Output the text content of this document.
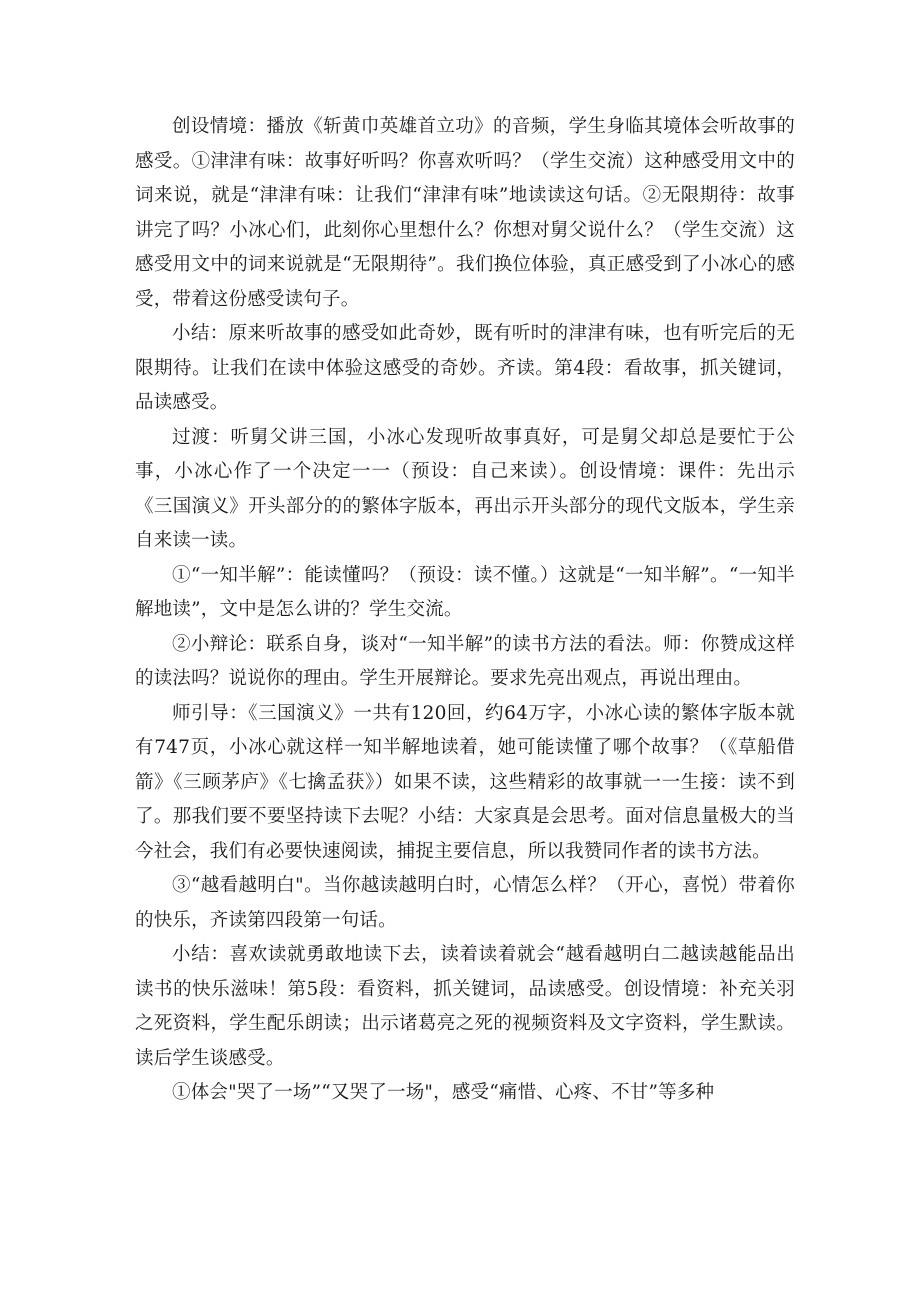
创设情境：播放《斩黄巾英雄首立功》的音频，学生身临其境体会听故事的感受。①津津有味：故事好听吗？你喜欢听吗？（学生交流）这种感受用文中的词来说，就是“津津有味：让我们“津津有味”地读读这句话。②无限期待：故事讲完了吗？小冰心们，此刻你心里想什么？你想对舅父说什么？（学生交流）这感受用文中的词来说就是“无限期待”。我们换位体验，真正感受到了小冰心的感受，带着这份感受读句子。

小结：原来听故事的感受如此奇妙，既有听时的津津有味，也有听完后的无限期待。让我们在读中体验这感受的奇妙。齐读。第4段：看故事，抓关键词，品读感受。

过渡：听舅父讲三国，小冰心发现听故事真好，可是舅父却总是要忙于公事，小冰心作了一个决定一一（预设：自己来读）。创设情境：课件：先出示《三国演义》开头部分的的繁体字版本，再出示开头部分的现代文版本，学生亲自来读一读。

①“一知半解”：能读懂吗？（预设：读不懂。）这就是“一知半解”。“一知半解地读”，文中是怎么讲的？学生交流。

②小辩论：联系自身，谈对“一知半解”的读书方法的看法。师：你赞成这样的读法吗？说说你的理由。学生开展辩论。要求先亮出观点，再说出理由。

师引导：《三国演义》一共有120回，约64万字，小冰心读的繁体字版本就有747页，小冰心就这样一知半解地读着，她可能读懂了哪个故事？（《草船借箭》《三顾茅庐》《七擒孟获》）如果不读，这些精彩的故事就一一生接：读不到了。那我们要不要坚持读下去呢？小结：大家真是会思考。面对信息量极大的当今社会，我们有必要快速阅读，捕捉主要信息，所以我赞同作者的读书方法。

③“越看越明白"。当你越读越明白时，心情怎么样？（开心，喜悦）带着你的快乐，齐读第四段第一句话。

小结：喜欢读就勇敢地读下去，读着读着就会“越看越明白二越读越能品出读书的快乐滋味！第5段：看资料，抓关键词，品读感受。创设情境：补充关羽之死资料，学生配乐朗读；出示诸葛亮之死的视频资料及文字资料，学生默读。读后学生谈感受。

①体会"哭了一场”“又哭了一场"，感受“痛惜、心疼、不甘”等多种
